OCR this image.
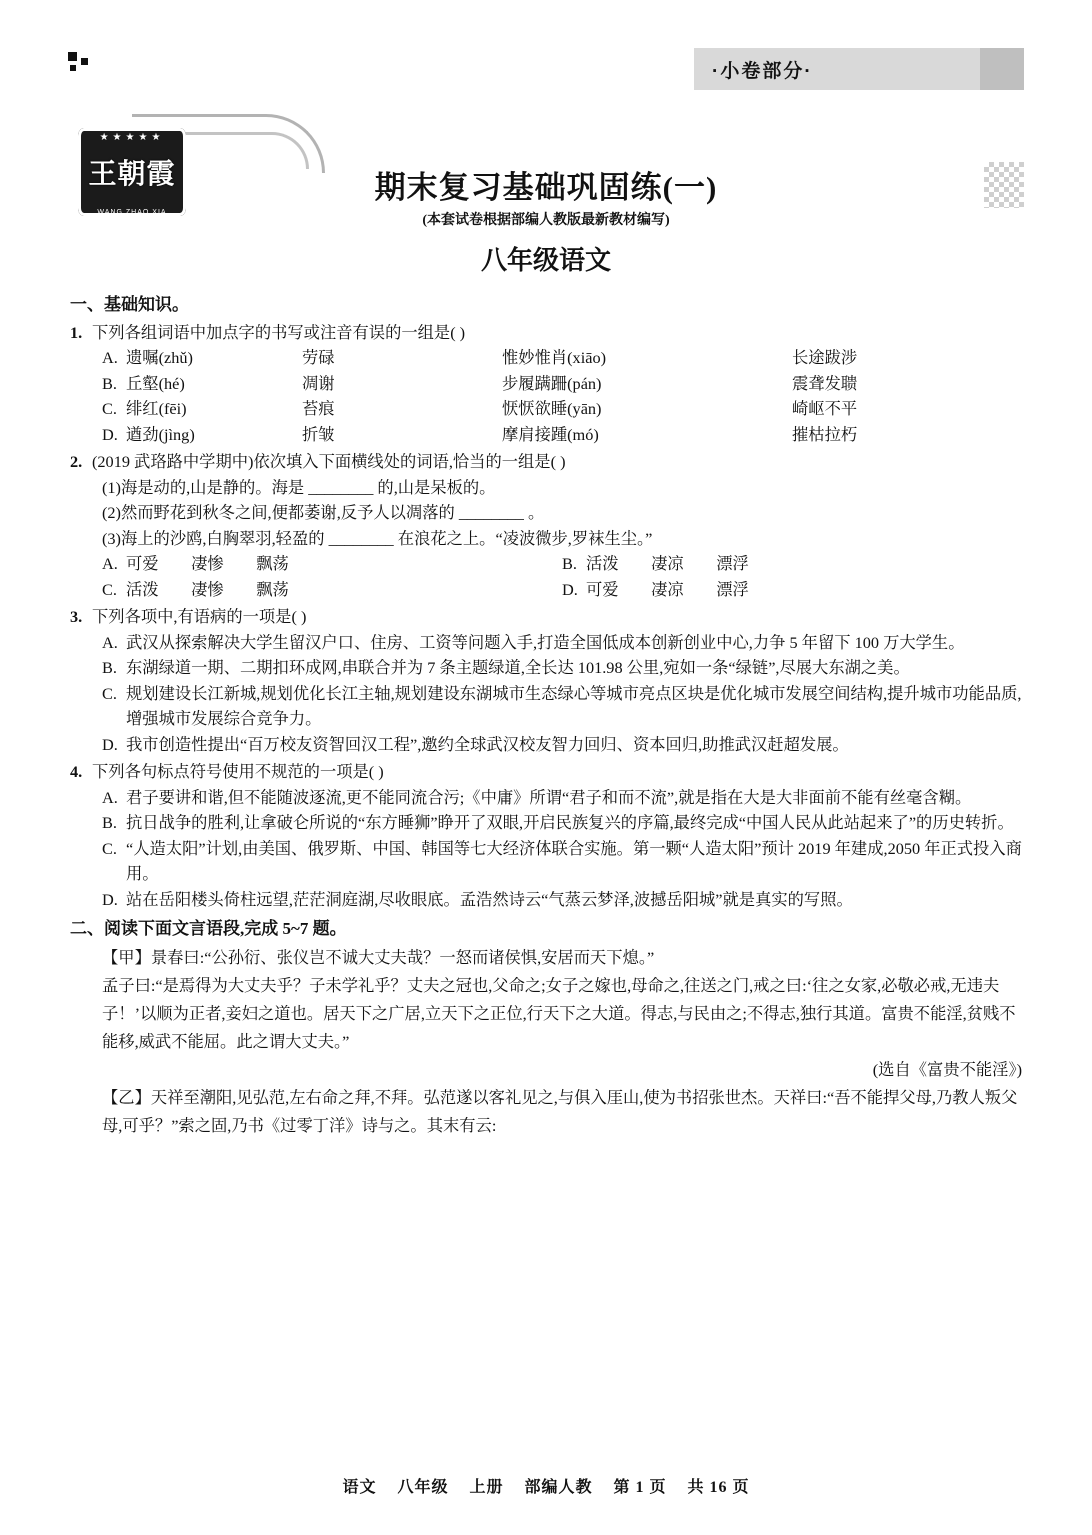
·小卷部分·
王朝霞
★★★★★
WANG ZHAO XIA
期末复习基础巩固练(一)
(本套试卷根据部编人教版最新教材编写)
八年级语文
一、基础知识。
1. 下列各组词语中加点字的书写或注音有误的一组是( )
A. 遗嘱(zhǔ)	劳碌	惟妙惟肖(xiāo)	长途跋涉
B. 丘壑(hé)	凋谢	步履蹒跚(pán)	震聋发聩
C. 绯红(fēi)	苔痕	恹恹欲睡(yān)	崎岖不平
D. 遒劲(jìng)	折皱	摩肩接踵(mó)	摧枯拉朽
2. (2019 武珞路中学期中)依次填入下面横线处的词语,恰当的一组是( )
(1)海是动的,山是静的。海是 ________ 的,山是呆板的。
(2)然而野花到秋冬之间,便都萎谢,反予人以凋落的 ________ 。
(3)海上的沙鸥,白胸翠羽,轻盈的 ________ 在浪花之上。“凌波微步,罗袜生尘。”
A. 可爱　　凄惨　　飘荡	B. 活泼　　凄凉　　漂浮
C. 活泼　　凄惨　　飘荡	D. 可爱　　凄凉　　漂浮
3. 下列各项中,有语病的一项是( )
A. 武汉从探索解决大学生留汉户口、住房、工资等问题入手,打造全国低成本创新创业中心,力争 5 年留下 100 万大学生。
B. 东湖绿道一期、二期扣环成网,串联合并为 7 条主题绿道,全长达 101.98 公里,宛如一条“绿链”,尽展大东湖之美。
C. 规划建设长江新城,规划优化长江主轴,规划建设东湖城市生态绿心等城市亮点区块是优化城市发展空间结构,提升城市功能品质,增强城市发展综合竞争力。
D. 我市创造性提出“百万校友资智回汉工程”,邀约全球武汉校友智力回归、资本回归,助推武汉赶超发展。
4. 下列各句标点符号使用不规范的一项是( )
A. 君子要讲和谐,但不能随波逐流,更不能同流合污;《中庸》所谓“君子和而不流”,就是指在大是大非面前不能有丝毫含糊。
B. 抗日战争的胜利,让拿破仑所说的“东方睡狮”睁开了双眼,开启民族复兴的序篇,最终完成“中国人民从此站起来了”的历史转折。
C. “人造太阳”计划,由美国、俄罗斯、中国、韩国等七大经济体联合实施。第一颗“人造太阳”预计 2019 年建成,2050 年正式投入商用。
D. 站在岳阳楼头倚柱远望,茫茫洞庭湖,尽收眼底。孟浩然诗云“气蒸云梦泽,波撼岳阳城”就是真实的写照。
二、阅读下面文言语段,完成 5~7 题。

【甲】景春曰:“公孙衍、张仪岂不诚大丈夫哉？一怒而诸侯惧,安居而天下熄。”

孟子曰:“是焉得为大丈夫乎？子未学礼乎？丈夫之冠也,父命之;女子之嫁也,母命之,往送之门,戒之曰:‘往之女家,必敬必戒,无违夫子！’以顺为正者,妾妇之道也。居天下之广居,立天下之正位,行天下之大道。得志,与民由之;不得志,独行其道。富贵不能淫,贫贱不能移,威武不能屈。此之谓大丈夫。”

(选自《富贵不能淫》)

【乙】天祥至潮阳,见弘范,左右命之拜,不拜。弘范遂以客礼见之,与俱入厓山,使为书招张世杰。天祥曰:“吾不能捍父母,乃教人叛父母,可乎？”索之固,乃书《过零丁洋》诗与之。其末有云:

语文 八年级 上册 部编人教 第 1 页 共 16 页
